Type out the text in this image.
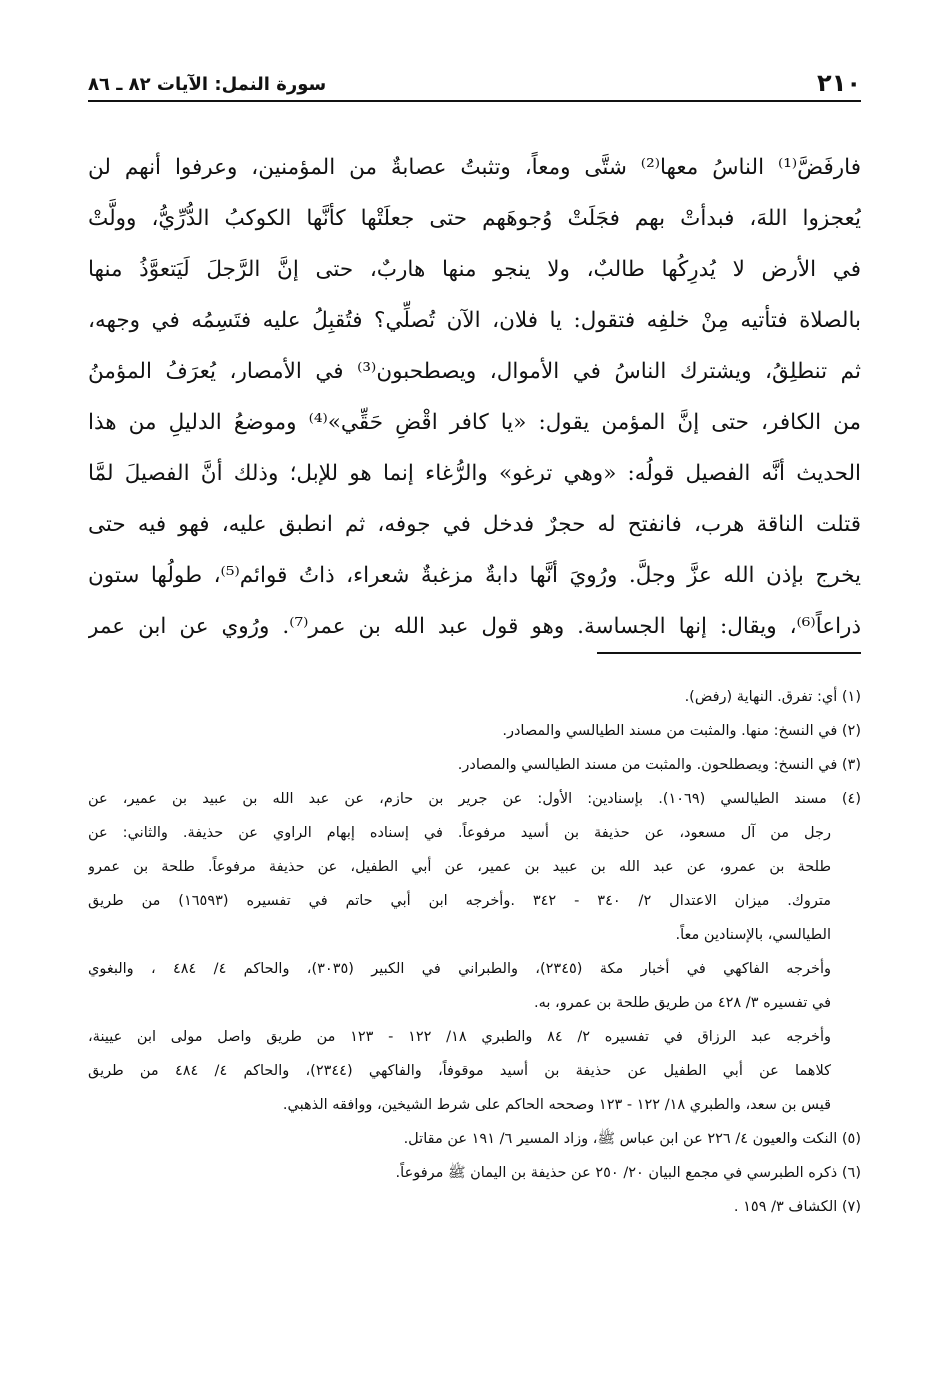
٢١٠
سورة النمل: الآيات ٨٢ ـ ٨٦
فارفَضَّ⁽¹⁾ الناسُ معها⁽²⁾ شتَّى ومعاً، وتثبتُ عصابةٌ من المؤمنين، وعرفوا أنهم لن
يُعجزوا اللهَ، فبدأتْ بهم فجَلَتْ وُجوهَهم حتى جعلَتْها كأنَّها الكوكبُ الدُّرِّيُّ، وولَّتْ
في الأرض لا يُدرِكُها طالبٌ، ولا ينجو منها هاربٌ، حتى إنَّ الرَّجلَ لَيَتعوَّذُ منها
بالصلاة فتأتيه مِنْ خلفِه فتقول: يا فلان، الآن تُصلِّي؟ فتُقبِلُ عليه فتَسِمُه في وجهه،
ثم تنطلِقُ، ويشترك الناسُ في الأموال، ويصطحبون⁽³⁾ في الأمصار، يُعرَفُ المؤمنُ
من الكافر، حتى إنَّ المؤمن يقول: «يا كافر اقْضِ حَقِّي»⁽⁴⁾ وموضعُ الدليلِ من هذا
الحديث أنَّه الفصيل قولُه: «وهي ترغو» والرُّغاء إنما هو للإبل؛ وذلك أنَّ الفصيلَ لمَّا
قتلت الناقة هرب، فانفتح له حجرٌ فدخل في جوفه، ثم انطبق عليه، فهو فيه حتى
يخرج بإذن الله عزَّ وجلَّ. ورُويَ أنَّها دابةٌ مزغبةٌ شعراء، ذاتُ قوائم⁽⁵⁾، طولُها ستون
ذراعاً⁽⁶⁾، ويقال: إنها الجساسة. وهو قول عبد الله بن عمر⁽⁷⁾. ورُوي عن ابن عمر
(١) أي: تفرق. النهاية (رفض).
(٢) في النسخ: منها. والمثبت من مسند الطيالسي والمصادر.
(٣) في النسخ: ويصطلحون. والمثبت من مسند الطيالسي والمصادر.
(٤) مسند الطيالسي (١٠٦٩). بإسنادين: الأول: عن جرير بن حازم، عن عبد الله بن عبيد بن عمير، عن
رجل من آل مسعود، عن حذيفة بن أسيد مرفوعاً. في إسناده إبهام الراوي عن حذيفة. والثاني: عن
طلحة بن عمرو، عن عبد الله بن عبيد بن عمير، عن أبي الطفيل، عن حذيفة مرفوعاً. طلحة بن عمرو
متروك. ميزان الاعتدال ٢/ ٣٤٠ - ٣٤٢ .وأخرجه ابن أبي حاتم في تفسيره (١٦٥٩٣) من طريق
الطيالسي، بالإسنادين معاً.
وأخرجه الفاكهي في أخبار مكة (٢٣٤٥)، والطبراني في الكبير (٣٠٣٥)، والحاكم ٤/ ٤٨٤ ، والبغوي
في تفسيره ٣/ ٤٢٨ من طريق طلحة بن عمرو، به.
وأخرجه عبد الرزاق في تفسيره ٢/ ٨٤ والطبري ١٨/ ١٢٢ - ١٢٣ من طريق واصل مولى ابن عيينة،
كلاهما عن أبي الطفيل عن حذيفة بن أسيد موقوفاً، والفاكهي (٢٣٤٤)، والحاكم ٤/ ٤٨٤ من طريق
قيس بن سعد، والطبري ١٨/ ١٢٢ - ١٢٣ وصححه الحاكم على شرط الشيخين، ووافقه الذهبي.
(٥) النكت والعيون ٤/ ٢٢٦ عن ابن عباس ﷺ، وزاد المسير ٦/ ١٩١ عن مقاتل.
(٦) ذكره الطبرسي في مجمع البيان ٢٠/ ٢٥٠ عن حذيفة بن اليمان ﷺ مرفوعاً.
(٧) الكشاف ٣/ ١٥٩ .
